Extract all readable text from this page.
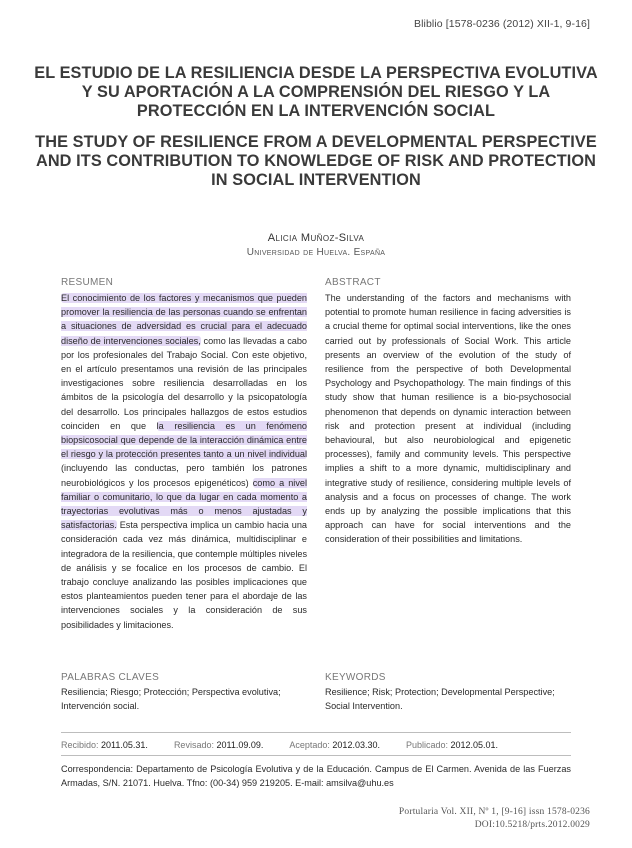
Bliblio [1578-0236 (2012) XII-1, 9-16]
EL ESTUDIO DE LA RESILIENCIA DESDE LA PERSPECTIVA EVOLUTIVA Y SU APORTACIÓN A LA COMPRENSIÓN DEL RIESGO Y LA PROTECCIÓN EN LA INTERVENCIÓN SOCIAL
THE STUDY OF RESILIENCE FROM A DEVELOPMENTAL PERSPECTIVE AND ITS CONTRIBUTION TO KNOWLEDGE OF RISK AND PROTECTION IN SOCIAL INTERVENTION
Alicia Muñoz-Silva
Universidad de Huelva. España
RESUMEN

El conocimiento de los factores y mecanismos que pueden promover la resiliencia de las personas cuando se enfrentan a situaciones de adversidad es crucial para el adecuado diseño de intervenciones sociales, como las llevadas a cabo por los profesionales del Trabajo Social. Con este objetivo, en el artículo presentamos una revisión de las principales investigaciones sobre resiliencia desarrolladas en los ámbitos de la psicología del desarrollo y la psicopatología del desarrollo. Los principales hallazgos de estos estudios coinciden en que la resiliencia es un fenómeno biopsicosocial que depende de la interacción dinámica entre el riesgo y la protección presentes tanto a un nivel individual (incluyendo las conductas, pero también los patrones neurobiológicos y los procesos epigenéticos) como a nivel familiar o comunitario, lo que da lugar en cada momento a trayectorias evolutivas más o menos ajustadas y satisfactorias. Esta perspectiva implica un cambio hacia una consideración cada vez más dinámica, multidisciplinar e integradora de la resiliencia, que contemple múltiples niveles de análisis y se focalice en los procesos de cambio. El trabajo concluye analizando las posibles implicaciones que estos planteamientos pueden tener para el abordaje de las intervenciones sociales y la consideración de sus posibilidades y limitaciones.

ABSTRACT

The understanding of the factors and mechanisms with potential to promote human resilience in facing adversities is a crucial theme for optimal social interventions, like the ones carried out by professionals of Social Work. This article presents an overview of the evolution of the study of resilience from the perspective of both Developmental Psychology and Psychopathology. The main findings of this study show that human resilience is a bio-psychosocial phenomenon that depends on dynamic interaction between risk and protection present at individual (including behavioural, but also neurobiological and epigenetic processes), family and community levels. This perspective implies a shift to a more dynamic, multidisciplinary and integrative study of resilience, considering multiple levels of analysis and a focus on processes of change. The work ends up by analyzing the possible implications that this approach can have for social interventions and the consideration of their possibilities and limitations.

PALABRAS CLAVES

Resiliencia; Riesgo; Protección; Perspectiva evolutiva; Intervención social.

KEYWORDS

Resilience; Risk; Protection; Developmental Perspective; Social Intervention.

Recibido: 2011.05.31.	Revisado: 2011.09.09.	Aceptado: 2012.03.30.	Publicado: 2012.05.01.
Correspondencia: Departamento de Psicología Evolutiva y de la Educación. Campus de El Carmen. Avenida de las Fuerzas Armadas, S/N. 21071. Huelva. Tfno: (00-34) 959 219205. E-mail: amsilva@uhu.es
Portularia Vol. XII, Nº 1, [9-16] issn 1578-0236
DOI:10.5218/prts.2012.0029
